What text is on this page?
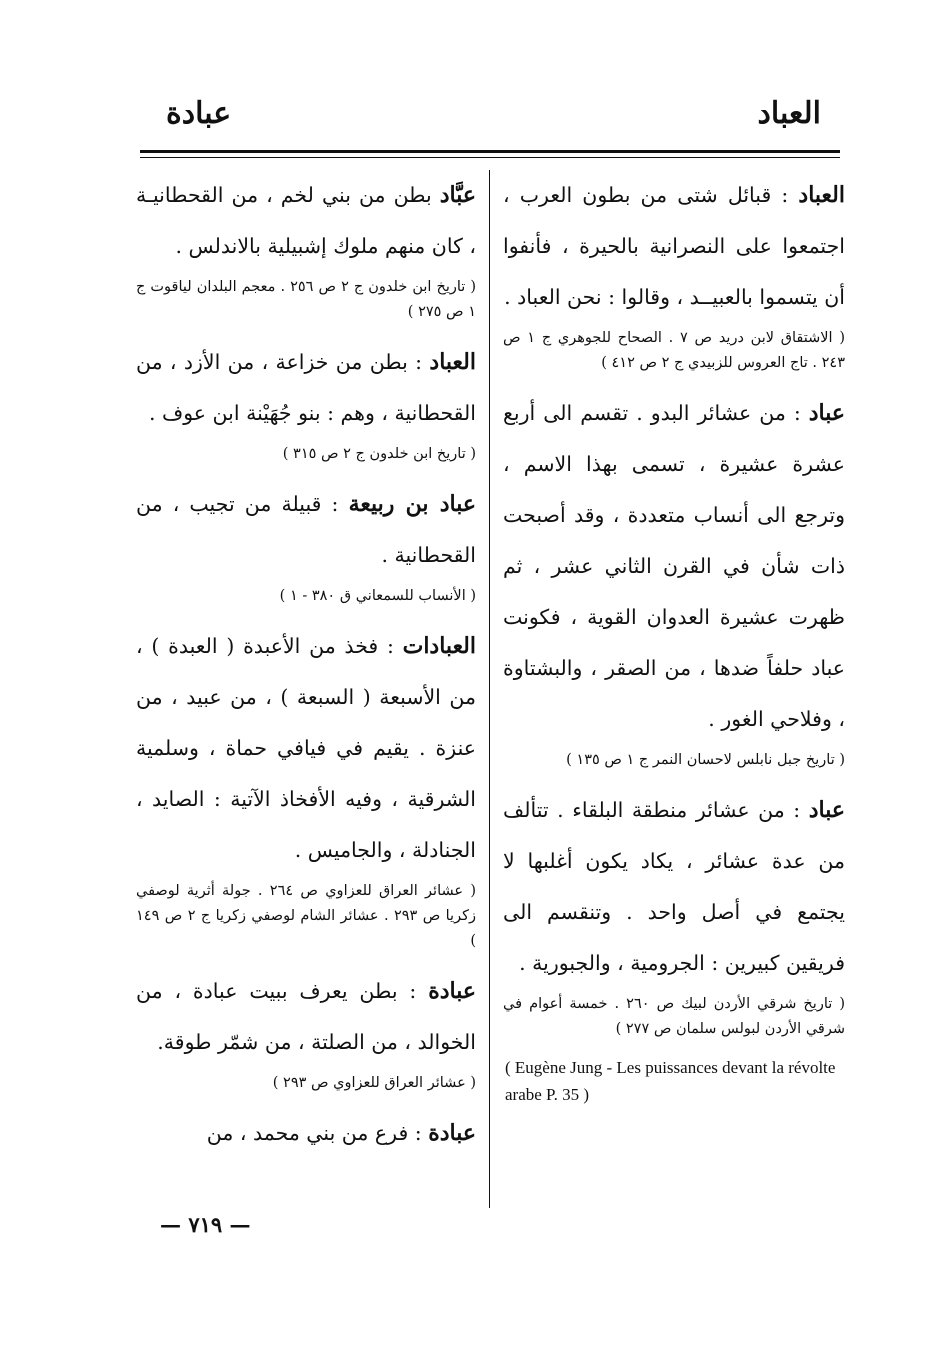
العباد
عبادة

العباد : قبائل شتى من بطون العرب ، اجتمعوا على النصرانية بالحيرة ، فأنفوا أن يتسموا بالعبيــد ، وقالوا : نحن العباد .

( الاشتقاق لابن دريد ص ٧ . الصحاح للجوهري ج ١ ص ٢٤٣ . تاج العروس للزبيدي ج ٢ ص ٤١٢ )

عباد : من عشائر البدو . تقسم الى أربع عشرة عشيرة ، تسمى بهذا الاسم ، وترجع الى أنساب متعددة ، وقد أصبحت ذات شأن في القرن الثاني عشر ، ثم ظهرت عشيرة العدوان القوية ، فكونت عباد حلفاً ضدها ، من الصقر ، والبشتاوة ، وفلاحي الغور .

( تاريخ جبل نابلس لاحسان النمر ج ١ ص ١٣٥ )

عباد : من عشائر منطقة البلقاء . تتألف من عدة عشائر ، يكاد يكون أغلبها لا يجتمع في أصل واحد . وتنقسم الى فريقين كبيرين : الجرومية ، والجبورية .

( تاريخ شرقي الأردن لبيك ص ٢٦٠ . خمسة أعوام في شرقي الأردن لبولس سلمان ص ٢٧٧ )

( Eugène Jung - Les puissances devant la révolte arabe P. 35 )

عبَّاد بطن من بني لخم ، من القحطانيـة ، كان منهم ملوك إشبيلية بالاندلس .

( تاريخ ابن خلدون ج ٢ ص ٢٥٦ . معجم البلدان لياقوت ج ١ ص ٢٧٥ )

العباد : بطن من خزاعة ، من الأزد ، من القحطانية ، وهم : بنو جُهَيْنة ابن عوف .

( تاريخ ابن خلدون ج ٢ ص ٣١٥ )

عباد بن ربيعة : قبيلة من تجيب ، من القحطانية .

( الأنساب للسمعاني ق ٣٨٠ - ١ )

العبادات : فخذ من الأعبدة ( العبدة ) ، من الأسبعة ( السبعة ) ، من عبيد ، من عنزة . يقيم في فيافي حماة ، وسلمية الشرقية ، وفيه الأفخاذ الآتية : الصايد ، الجنادلة ، والجاميس .

( عشائر العراق للعزاوي ص ٢٦٤ . جولة أثرية لوصفي زكريا ص ٢٩٣ . عشائر الشام لوصفي زكريا ج ٢ ص ١٤٩ )

عبادة : بطن يعرف ببيت عبادة ، من الخوالد ، من الصلتة ، من شمّر طوقة.

( عشائر العراق للعزاوي ص ٢٩٣ )

عبادة : فرع من بني محمد ، من

— ٧١٩ —
